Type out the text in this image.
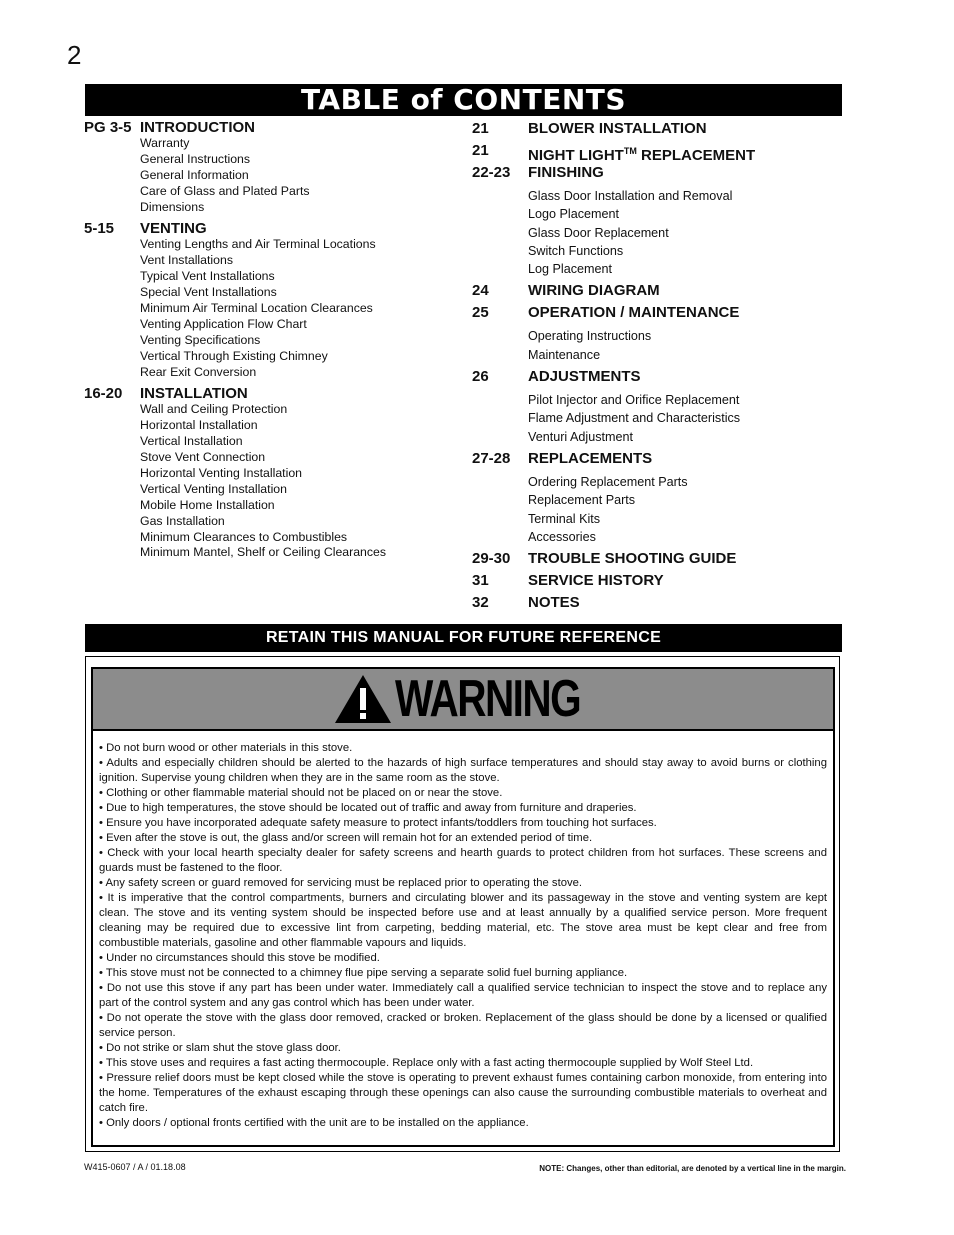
2
TABLE of CONTENTS
PG 3-5 INTRODUCTION
Warranty
General Instructions
General Information
Care of Glass and Plated Parts
Dimensions
5-15	VENTING
Venting Lengths and Air Terminal Locations
Vent Installations
Typical Vent Installations
Special Vent Installations
Minimum Air Terminal Location Clearances
Venting Application Flow Chart
Venting Specifications
Vertical Through Existing Chimney
Rear Exit Conversion
16-20	INSTALLATION
Wall and Ceiling Protection
Horizontal Installation
Vertical Installation
Stove Vent Connection
Horizontal Venting Installation
Vertical Venting Installation
Mobile Home Installation
Gas Installation
Minimum Clearances to Combustibles
Minimum Mantel, Shelf or Ceiling Clearances
21	BLOWER INSTALLATION
21	NIGHT LIGHT™ REPLACEMENT
22-23	FINISHING
Glass Door Installation and Removal
Logo Placement
Glass Door Replacement
Switch Functions
Log Placement
24	WIRING DIAGRAM
25	OPERATION / MAINTENANCE
Operating Instructions
Maintenance
26	ADJUSTMENTS
Pilot Injector and Orifice Replacement
Flame Adjustment and Characteristics
Venturi Adjustment
27-28	REPLACEMENTS
Ordering Replacement Parts
Replacement Parts
Terminal Kits
Accessories
29-30	TROUBLE SHOOTING GUIDE
31	SERVICE HISTORY
32	NOTES
RETAIN THIS MANUAL FOR FUTURE REFERENCE
WARNING
• Do not burn wood or other materials in this stove.
• Adults and especially children should be alerted to the hazards of high surface temperatures and should stay away to avoid burns or clothing ignition. Supervise young children when they are in the same room as the stove.
• Clothing or other flammable material should not be placed on or near the stove.
• Due to high temperatures, the stove should be located out of traffic and away from furniture and draperies.
• Ensure you have incorporated adequate safety measure to protect infants/toddlers from touching hot surfaces.
• Even after the stove is out, the glass and/or screen will remain hot for an extended period of time.
• Check with your local hearth specialty dealer for safety screens and hearth guards to protect children from hot surfaces. These screens and guards must be fastened to the floor.
• Any safety screen or guard removed for servicing must be replaced prior to operating the stove.
• It is imperative that the control compartments, burners and circulating blower and its passageway in the stove and venting system are kept clean. The stove and its venting system should be inspected before use and at least annually by a qualified service person. More frequent cleaning may be required due to excessive lint from carpeting, bedding material, etc. The stove area must be kept clear and free from combustible materials, gasoline and other flammable vapours and liquids.
• Under no circumstances should this stove be modified.
• This stove must not be connected to a chimney flue pipe serving a separate solid fuel burning appliance.
• Do not use this stove if any part has been under water. Immediately call a qualified service technician to inspect the stove and to replace any part of the control system and any gas control which has been under water.
• Do not operate the stove with the glass door removed, cracked or broken. Replacement of the glass should be done by a licensed or qualified service person.
• Do not strike or slam shut the stove glass door.
• This stove uses and requires a fast acting thermocouple. Replace only with a fast acting thermocouple supplied by Wolf Steel Ltd.
• Pressure relief doors must be kept closed while the stove is operating to prevent exhaust fumes containing carbon monoxide, from entering into the home. Temperatures of the exhaust escaping through these openings can also cause the surrounding combustible materials to overheat and catch fire.
• Only doors / optional fronts certified with the unit are to be installed on the appliance.
W415-0607 / A / 01.18.08	NOTE: Changes, other than editorial, are denoted by a vertical line in the margin.
